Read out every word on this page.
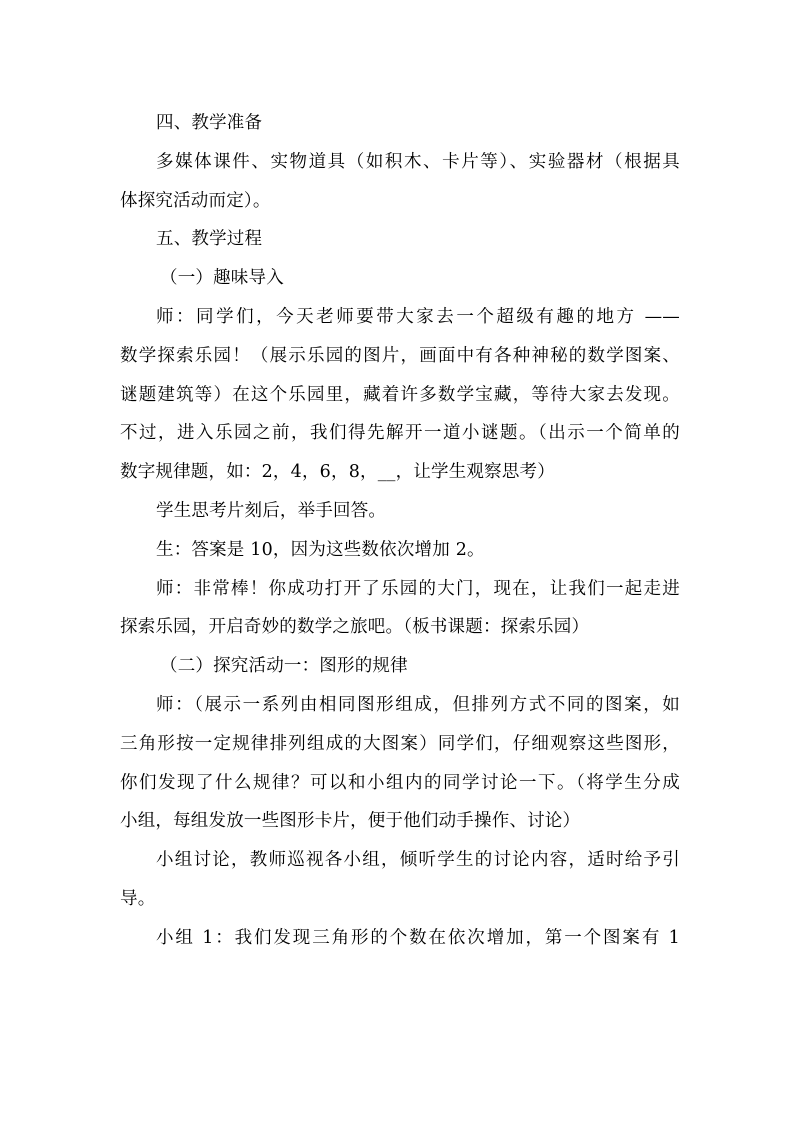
四、教学准备
多媒体课件、实物道具（如积木、卡片等）、实验器材（根据具
体探究活动而定）。
五、教学过程
（一）趣味导入
师：同学们，今天老师要带大家去一个超级有趣的地方 ——
数学探索乐园！（展示乐园的图片，画面中有各种神秘的数学图案、
谜题建筑等）在这个乐园里，藏着许多数学宝藏，等待大家去发现。
不过，进入乐园之前，我们得先解开一道小谜题。（出示一个简单的
数字规律题，如：2，4，6，8，__，让学生观察思考）
学生思考片刻后，举手回答。
生：答案是 10，因为这些数依次增加 2。
师：非常棒！你成功打开了乐园的大门，现在，让我们一起走进
探索乐园，开启奇妙的数学之旅吧。（板书课题：探索乐园）
（二）探究活动一：图形的规律
师：（展示一系列由相同图形组成，但排列方式不同的图案，如
三角形按一定规律排列组成的大图案）同学们，仔细观察这些图形，
你们发现了什么规律？可以和小组内的同学讨论一下。（将学生分成
小组，每组发放一些图形卡片，便于他们动手操作、讨论）
小组讨论，教师巡视各小组，倾听学生的讨论内容，适时给予引
导。
小组 1：我们发现三角形的个数在依次增加，第一个图案有 1
